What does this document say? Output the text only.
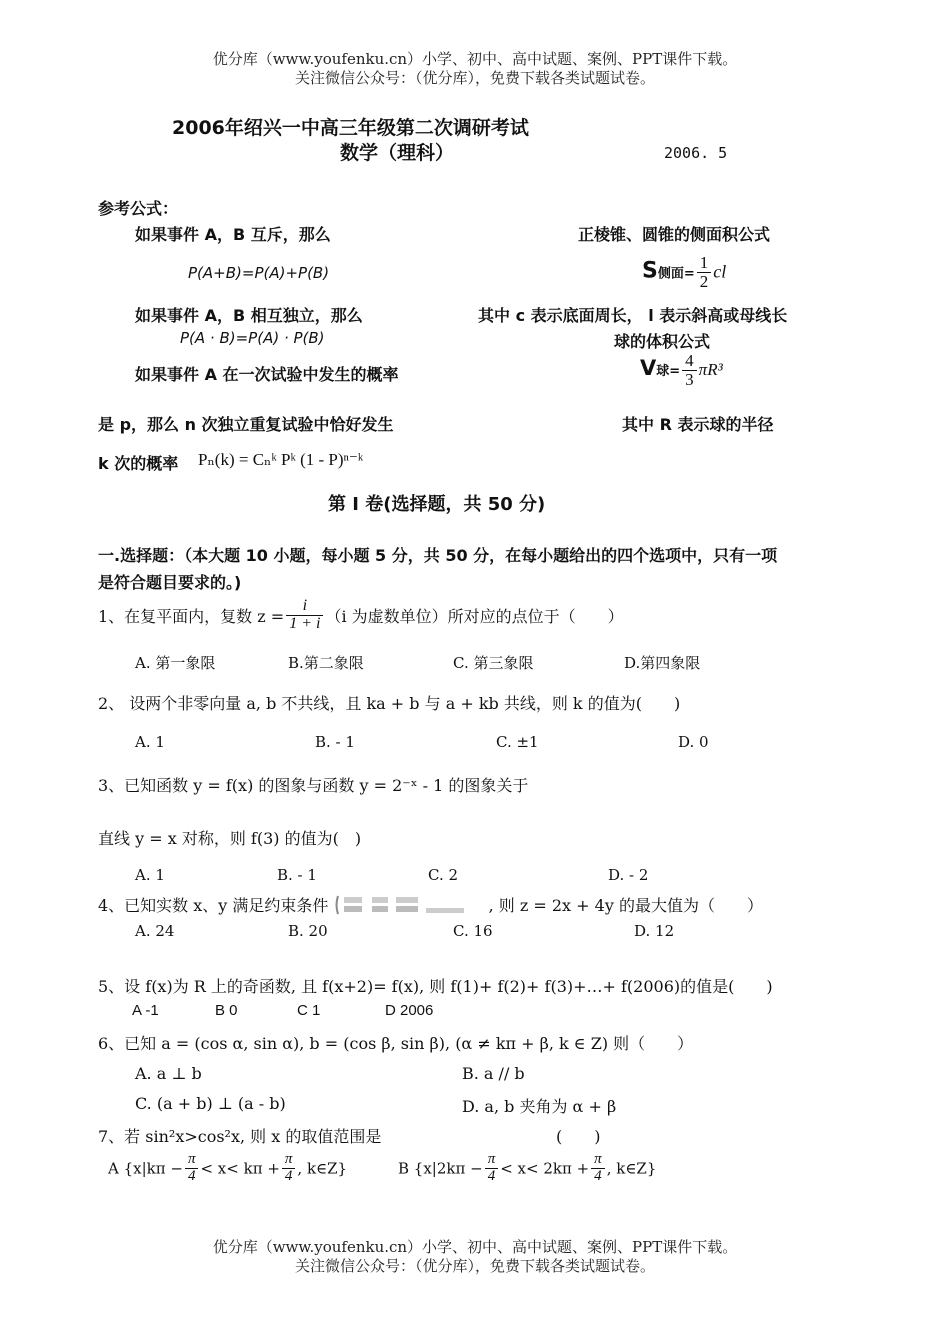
优分库（www.youfenku.cn）小学、初中、高中试题、案例、PPT课件下载。
关注微信公众号：（优分库），免费下载各类试题试卷。
2006年绍兴一中高三年级第二次调研考试
数学（理科）	2006. 5
参考公式：
如果事件 A，B 互斥，那么	正棱锥、圆锥的侧面积公式
P(A+B)=P(A)+P(B)	S侧面= $\frac{1}{2}$ cl
如果事件 A，B 相互独立，那么	其中 c 表示底面周长， l 表示斜高或母线长
P(A · B)=P(A) · P(B)	球的体积公式
如果事件 A 在一次试验中发生的概率	V球= $\frac{4}{3} \pi R^3$
是 p，那么 n 次独立重复试验中恰好发生	其中 R 表示球的半径
k 次的概率 Pₙ(k) = Cₙᵏ Pᵏ (1 - P)ⁿ⁻ᵏ
第 I 卷(选择题，共 50 分)
一.选择题：（本大题 10 小题，每小题 5 分，共 50 分，在每小题给出的四个选项中，只有一项
是符合题目要求的。)
1、在复平面内，复数 $z = \frac{i}{1 + i} (i$ 为虚数单位）所对应的点位于（　　）
A. 第一象限	B.第二象限	C. 第三象限	D.第四象限
2、 设两个非零向量 a, b 不共线，且 ka + b 与 a + kb 共线，则 k 的值为(　　)
A. 1	B. - 1	C. ±1	D. 0
3、已知函数 y = f(x) 的图象与函数 y = 2⁻ˣ - 1 的图象关于
直线 y = x 对称，则 f(3) 的值为(　)
A. 1	B. - 1	C. 2	D. - 2
4、已知实数 x、y 满足约束条件	, 则 z = 2x + 4y 的最大值为（　　）
A. 24	B. 20	C. 16	D. 12
5、设 f(x)为 R 上的奇函数, 且 f(x+2)= f(x), 则 f(1)+ f(2)+ f(3)+…+ f(2006)的值是(　　)
A -1	B 0	C 1	D 2006
6、已知 a = (cos α, sin α), b = (cos β, sin β), (α ≠ kπ + β, k ∈ Z) 则（　　）
A. a ⊥ b	B. a // b
C. (a + b) ⊥ (a - b)	D. a, b 夹角为 α + β
7、若 sin²x>cos²x, 则 x 的取值范围是	(　　)
A {$x|k\pi - \frac{\pi}{4} < x< k\pi + \frac{\pi}{4}$ , k∈Z}	B {$x|2k\pi - \frac{\pi}{4} < x< 2k\pi + \frac{\pi}{4}$ , k∈Z}
优分库（www.youfenku.cn）小学、初中、高中试题、案例、PPT课件下载。
关注微信公众号：（优分库），免费下载各类试题试卷。
